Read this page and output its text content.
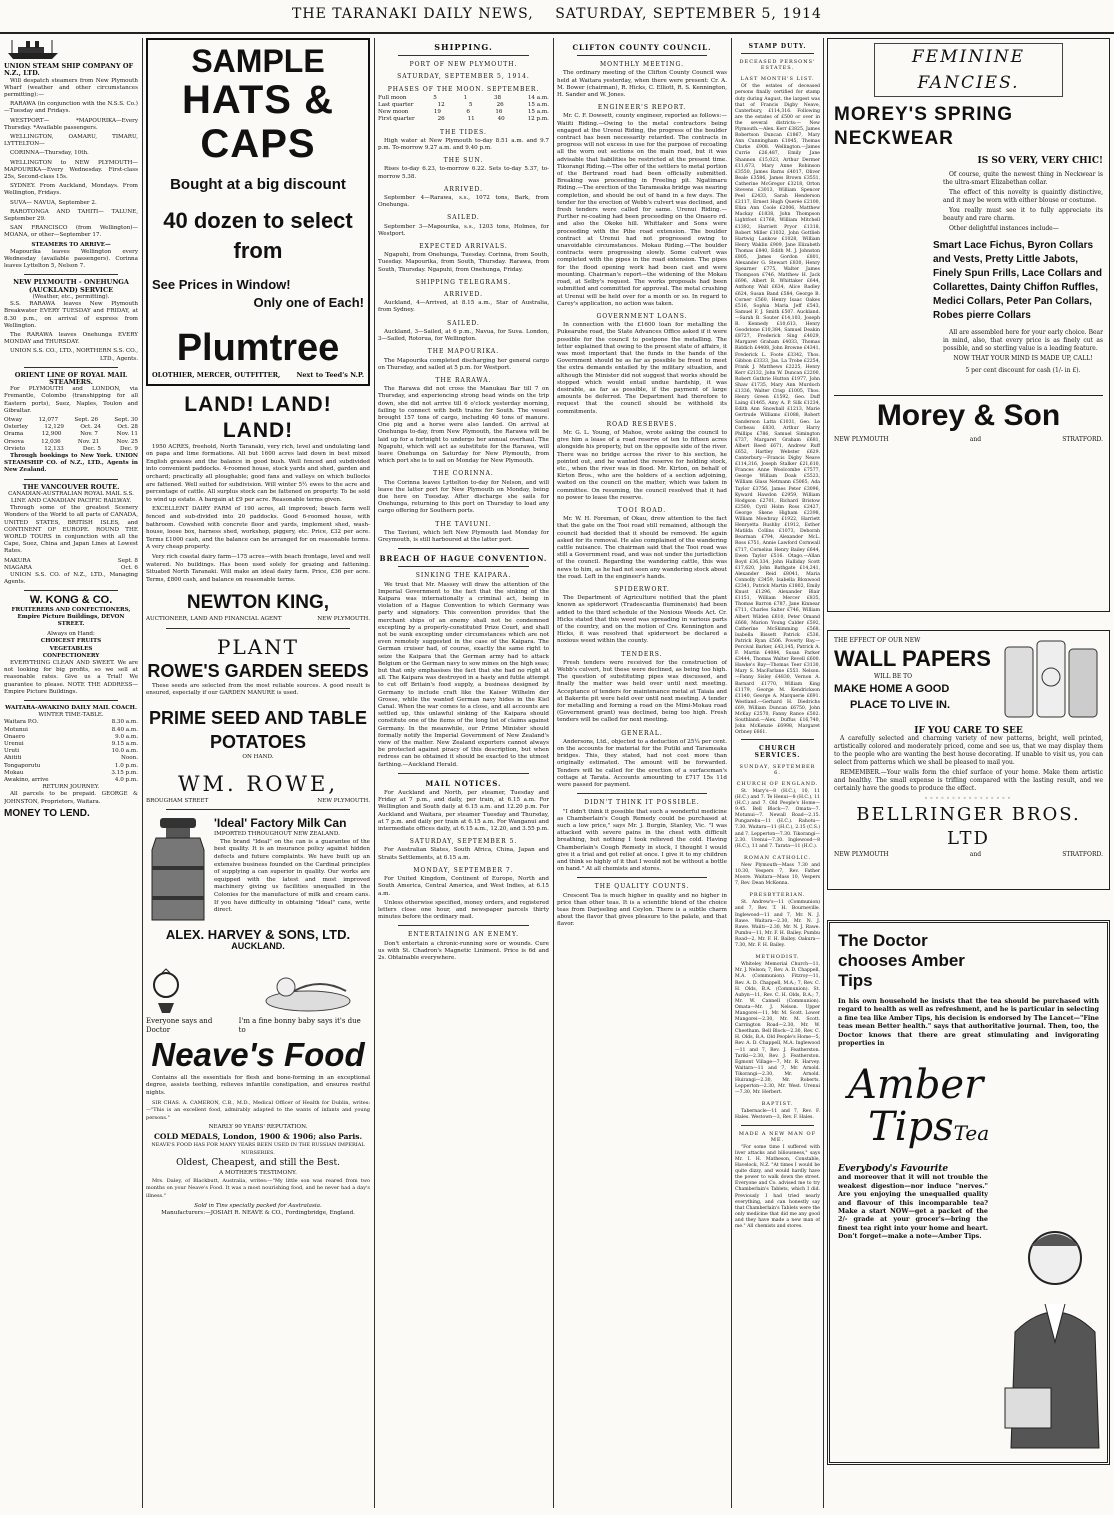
THE TARANAKI DAILY NEWS, SATURDAY, SEPTEMBER 5, 1914
UNION STEAM SHIP COMPANY OF N.Z., LTD.

Will despatch steamers from New Plymouth Wharf (weather and other circumstances permitting):—

RARAWA (in conjunction with the N.S.S. Co.)—Tuesday and Fridays.

WESTPORT— *MAPOURIKA—Every Thursday. *Available passengers.

WELLINGTON, OAMARU, TIMARU, LYTTELTON—

CORINNA—Thursday, 10th.

WELLINGTON to NEW PLYMOUTH— MAPOURIKA—Every Wednesday. First-class 25s, Second-class 15s.

SYDNEY. From Auckland, Mondays. From Wellington, Fridays.

SUVA— NAVUA, September 2.

RAROTONGA AND TAHITI— TALUNE, September 29.

SAN FRANCISCO (from Wellington)— MOANA, or other—September 17.

STEAMERS TO ARRIVE—

Mapourika leaves Wellington every Wednesday (available passengers). Corinna leaves Lyttelton 5, Nelson 7.

NEW PLYMOUTH - ONEHUNGA (AUCKLAND) SERVICE
(Weather, etc., permitting).

S.S. RARAWA leaves New Plymouth Breakwater EVERY TUESDAY and FRIDAY, at 8.30 p.m., on arrival of express from Wellington.

The RARAWA leaves Onehunga EVERY MONDAY and THURSDAY.

UNION S.S. CO., LTD., NORTHERN S.S. CO., LTD., Agents.
ORIENT LINE OF ROYAL MAIL STEAMERS.

For PLYMOUTH and LONDON, via Fremantle, Colombo (transhipping for all Eastern ports), Suez, Naples, Toulon and Gibraltar.

Otway	12,077	Sept. 26	Sept. 30
Osterley	12,129	Oct. 24	Oct. 28
Orama	12,900	Nov. 7	Nov. 11
Orsova	12,036	Nov. 21	Nov. 25
Orvieto	12,133	Dec. 5	Dec. 9

Through bookings to New York. UNION STEAMSHIP CO. of N.Z., LTD., Agents in New Zealand.

THE VANCOUVER ROUTE.
CANADIAN-AUSTRALIAN ROYAL MAIL S.S. LINE AND CANADIAN PACIFIC RAILWAY.

Through some of the greatest Scenery Wonders of the World to all parts of CANADA, UNITED STATES, BRITISH ISLES, and CONTINENT OF EUROPE. ROUND THE WORLD TOURS in conjunction with all the Cape, Suez, China and Japan Lines at Lowest Rates.

MAKURA	Sept. 8
NIAGARA	Oct. 6

UNION S.S. CO. of N.Z., LTD., Managing Agents.

W. KONG & CO.
FRUITERERS AND CONFECTIONERS, Empire Picture Buildings, DEVON STREET.
Always on Hand:
CHOICEST FRUITS
VEGETABLES
CONFECTIONERY

EVERYTHING CLEAN AND SWEET. We are not looking for big profits, so we sell at reasonable rates. Give us a Trial! We guarantee to please. NOTE THE ADDRESS— Empire Picture Buildings.

WAITARA-AWAKINO DAILY MAIL COACH.
WINTER TIME-TABLE.
Waitara P.O.	8.30 a.m.
Motunui	8.40 a.m.
Onaero	9.0 a.m.
Urenui	9.15 a.m.
Uruti	10.0 a.m.
Ahititi	Noon.
Tongaporutu	1.0 p.m.
Mokau	3.15 p.m.
Awakino, arrive	4.0 p.m.
RETURN JOURNEY.

All parcels to be prepaid. GEORGE & JOHNSTON, Proprietors, Waitara.

MONEY TO LEND.
SAMPLE
HATS & CAPS
Bought at a big discount
40 dozen to select from
See Prices in Window!
Only one of Each!
Plumtree
OLOTHIER, MERCER, OUTFITTER, Next to Teed's N.P.
LAND! LAND! LAND!

1950 ACRES, freehold, North Taranaki, very rich, level and undulating land on papa and lime formations. All but 1600 acres laid down in best mixed English grasses and the balance in good bush. Well fenced and subdivided into convenient paddocks. 4-roomed house, stock yards and shed, garden and orchard; practically all ploughable; good fans and valleys on which bullocks are fattened. Well suited for subdivision. Will winter 5½ ewes to the acre and percentage of cattle. All surplus stock can be fattened on property. To be sold to wind up estate. A bargain at £9 per acre. Reasonable terms given.

EXCELLENT DAIRY FARM of 190 acres, all improved; beach farm well fenced and sub-divided into 20 paddocks. Good 6-roomed house, with bathroom. Cowshed with concrete floor and yards, implement shed, wash-house, loose box, harness shed, workshop, piggery, etc. Price, £32 per acre. Terms £1000 cash, and the balance can be arranged for on reasonable terms. A very cheap property.

Very rich coastal dairy farm—175 acres—with beach frontage, level and well watered. No buildings. Has been used solely for grazing and fattening. Situated North Taranaki. Will make an ideal dairy farm. Price, £36 per acre. Terms, £800 cash, and balance on reasonable terms.

NEWTON KING,
AUCTIONEER, LAND AND FINANCIAL AGENT	NEW PLYMOUTH.
PLANT
ROWE'S GARDEN SEEDS

These seeds are selected from the most reliable sources. A good result is ensured, especially if our GARDEN MANURE is used.

PRIME SEED AND TABLE
POTATOES
ON HAND.
WM. ROWE,
BROUGHAM STREET	NEW PLYMOUTH.
'Ideal' Factory Milk Can
IMPORTED THROUGHOUT NEW ZEALAND.

The brand "Ideal" on the can is a guarantee of the best quality. It is an insurance policy against hidden defects and future complaints. We have built up an extensive business founded on the Cardinal principles of supplying a can superior in quality. Our works are equipped with the latest and most improved machinery giving us facilities unequalled in the Colonies for the manufacture of milk and cream cans. If you have difficulty in obtaining "Ideal" cans, write direct.

ALEX. HARVEY & SONS, LTD.
AUCKLAND.
Everyone says and Doctor
I'm a fine bonny baby says it's due to
Neave's Food

Contains all the essentials for flesh and bone-forming in an exceptional degree, assists teething, relieves infantile constipation, and ensures restful nights.

SIR CHAS. A. CAMERON, C.B., M.D., Medical Officer of Health for Dublin, writes:—"This is an excellent food, admirably adapted to the wants of infants and young persons."

NEARLY 90 YEARS' REPUTATION.
COLD MEDALS, London, 1900 & 1906; also Paris.
NEAVE'S FOOD HAS FOR MANY YEARS BEEN USED IN THE RUSSIAN IMPERIAL NURSERIES.
Oldest, Cheapest, and still the Best.
A MOTHER'S TESTIMONY.

Mrs. Daley, of Blackbutt, Australia, writes:—"My little son was reared from two months on your Neave's Food. It was a most nourishing food, and he never had a day's illness."

Sold in Tins specially packed for Australasia.
Manufacturers:—JOSIAH R. NEAVE & CO., Fordingbridge, England.
SHIPPING.
PORT OF NEW PLYMOUTH.
SATURDAY, SEPTEMBER 5, 1914.
PHASES OF THE MOON. SEPTEMBER.
Full moon	5	1	38	14 a.m.
Last quarter	12	5	26	15 a.m.
New moon	19	6	16	15 a.m.
First quarter	26	11	40	12 p.m.
THE TIDES.

High water at New Plymouth to-day 8.51 a.m. and 9.7 p.m. To-morrow 9.27 a.m. and 9.40 p.m.

THE SUN.

Rises to-day 6.23, to-morrow 6.22. Sets to-day 5.37, to-morrow 5.38.

ARRIVED.

September 4—Rarawa, s.s., 1072 tons, Bark, from Onehunga.

SAILED.

September 3—Mapourika, s.s., 1203 tons, Holmes, for Westport.

EXPECTED ARRIVALS.

Ngapuhi, from Onehunga, Tuesday. Corinna, from South, Tuesday. Mapourika, from South, Thursday. Rarawa, from South, Thursday. Ngapuhi, from Onehunga, Friday.

SHIPPING TELEGRAMS.
ARRIVED.

Auckland, 4—Arrived, at 8.15 a.m., Star of Australia, from Sydney.

SAILED.

Auckland, 3—Sailed, at 6 p.m., Navua, for Suva. London, 3—Sailed, Rotorua, for Wellington.

THE MAPOURIKA.

The Mapourika completed discharging her general cargo on Thursday, and sailed at 5 p.m. for Westport.

THE RARAWA.

The Rarawa did not cross the Manukau Bar till 7 on Thursday, and experiencing strong head winds on the trip down, she did not arrive till 6 o'clock yesterday morning, failing to connect with both trains for South. The vessel brought 157 tons of cargo, including 40 tons of manure. One pig and a horse were also landed. On arrival at Onehunga to-day, from New Plymouth, the Rarawa will be laid up for a fortnight to undergo her annual overhaul. The Ngapuhi, which will act as substitute for the Rarawa, will leave Onehunga on Saturday for New Plymouth, from which port she is to sail on Monday for New Plymouth.

THE CORINNA.

The Corinna leaves Lyttelton to-day for Nelson, and will leave the latter port for New Plymouth on Monday, being due here on Tuesday. After discharge she sails for Onehunga, returning to this port on Thursday to load any cargo offering for Southern ports.

THE TAVIUNI.

The Taviuni, which left New Plymouth last Monday for Greymouth, is still harboured at the latter port.

BREACH OF HAGUE CONVENTION.
SINKING THE KAIPARA.

We trust that Mr. Massey will draw the attention of the Imperial Government to the fact that the sinking of the Kaipara was internationally a criminal act, being in violation of a Hague Convention to which Germany was party and signatory. This convention provides that the merchant ships of an enemy shall not be condemned excepting by a properly-constituted Prize Court, and shall not be sunk excepting under circumstances which are not even remotely suggested in the case of the Kaipara. The German cruiser had, of course, exactly the same right to seize the Kaipara that the German army had to attack Belgium or the German navy to sow mines on the high seas; but that only emphasises the fact that she had no right at all. The Kaipara was destroyed in a hasty and futile attempt to cut off Britain's food supply, a business designed by Germany to include craft like the Kaiser Wilhelm der Grosse, while the wanted German navy hides in the Kiel Canal. When the war comes to a close, and all accounts are settled up, this unlawful sinking of the Kaipara should constitute one of the items of the long list of claims against Germany. In the meanwhile, our Prime Minister should formally notify the Imperial Government of New Zealand's view of the matter. New Zealand exporters cannot always be protected against piracy of this description, but when redress can be obtained it should be exacted to the utmost farthing.—Auckland Herald.

MAIL NOTICES.

For Auckland and North, per steamer, Tuesday and Friday at 7 p.m., and daily, per train, at 6.15 a.m. For Wellington and South daily at 6.15 a.m. and 12.20 p.m. For Auckland and Waitara, per steamer Tuesday and Thursday, at 7 p.m. and daily per train at 6.15 a.m. For Wanganui and intermediate offices daily, at 6.15 a.m., 12.20, and 3.55 p.m.

SATURDAY, SEPTEMBER 5.

For Australian States, South Africa, China, Japan and Straits Settlements, at 6.15 a.m.

MONDAY, SEPTEMBER 7.

For United Kingdom, Continent of Europe, North and South America, Central America, and West Indies, at 6.15 a.m.

Unless otherwise specified, money orders, and registered letters close one hour, and newspaper parcels thirty minutes before the ordinary mail.

ENTERTAINING AN ENEMY.

Don't entertain a chronic-running sore or wounds. Cure us with St. Chadron's Magnetic Liniment. Price is 6d and 2s. Obtainable everywhere.

CLIFTON COUNTY COUNCIL.
MONTHLY MEETING.

The ordinary meeting of the Clifton County Council was held at Waitara yesterday, when there were present: Cr. A. M. Bower (chairman), R. Hicks, C. Elliott, R. S. Kennington, H. Sander and W. Jones.

ENGINEER'S REPORT.

Mr. C. F. Dowsett, county engineer, reported as follows:— Waiiti Riding.—Owing to the metal contractors being engaged at the Urenui Riding, the progress of the boulder contract has been necessarily retarded. The contracts in progress will not excess in use for the purpose of recoating all the worn out sections on the main road, but it was advisable that liabilities be restricted at the present time. Tikorangi Riding.—The offer of the settlers to metal portion of the Bertrand road had been officially submitted. Breaking was proceeding in Freeling pit. Ngatimaru Riding.—The erection of the Tarameaka bridge was nearing completion, and should be out of hand in a few days. The tender for the erection of Webb's culvert was declined, and fresh tenders were called for same. Urenui Riding.—Further re-coating had been proceeding on the Onaero rd. and also the Okoke hill. Whittaker and Sons were proceeding with the Pihe road extension. The boulder contract at Urenui had not progressed owing to unavoidable circumstances. Mokau Riding.—The boulder contracts were progressing slowly. Some culvert was completed with the pipes in the road extension. The pipes for the flood opening work had been cast and were mounting. Chairman's report—the widening of the Mokau road, at Selby's request. The works proposals had been submitted and committed for approval. The metal crushing at Urenui will be held over for a month or so. In regard to Carey's application, no action was taken.

GOVERNMENT LOANS.

In connection with the £1600 loan for metalling the Pukearuhe road, the State Advances Office asked if it were possible for the council to postpone the metalling. The letter explained that owing to the present state of affairs, it was most important that the funds in the hands of the Government should be as far as possible be freed to meet the extra demands entailed by the military situation, and although the Minister did not suggest that works should be stopped which would entail undue hardship, it was desirable, as far as possible, if the payment of large amounts be deferred. The Department had therefore to request that the council should be withhold its commitments.

ROAD RESERVES.

Mr. G. L. Young, of Mahoe, wrote asking the council to give him a lease of a road reserve of ten to fifteen acres alongside his property, but on the opposite side of the river. There was no bridge across the river to his section, he pointed out, and he wanted the reserve for holding stock, etc., when the river was in flood. Mr. Kirton, on behalf of Kirton Bros., who are the holders of a section adjoining, waited on the council on the matter, which was taken in committee. On resuming, the council resolved that it had no power to lease the reserve.

TOOI ROAD.

Mr. W. H. Foreman, of Okau, drew attention to the fact that the gate on the Tooi road still remained, although the council had decided that it should be removed. He again asked for its removal. He also complained of the wandering cattle nuisance. The chairman said that the Tooi road was still a Government road, and was not under the jurisdiction of the council. Regarding the wandering cattle, this was news to him, as he had not seen any wandering stock about the road. Left in the engineer's hands.

SPIDERWORT.

The Department of Agriculture notified that the plant known as spiderwort (Tradescantia fluminensis) had been added to the third schedule of the Noxious Weeds Act. Cr. Hicks stated that this weed was spreading in various parts of the country, and on the motion of Crs. Kennington and Hicks, it was resolved that spiderwort be declared a noxious weed within the county.

TENDERS.

Fresh tenders were received for the construction of Webb's culvert, but these were declined, as being too high. The question of substituting pipes was discussed, and finally the matter was held over until next meeting. Acceptance of tenders for maintenance metal at Taiaia and at Bakerite pit were held over until next meeting. A tender for metalling and forming a road on the Mimi-Mokau road (Government grant) was declined, being too high. Fresh tenders will be called for next meeting.

GENERAL.

Andersons, Ltd., objected to a deduction of 25¼ per cent. on the accounts for material for the Putiki and Tarameaka bridges. This, they stated, had not cost more than originally estimated. The amount will be forwarded. Tenders will be called for the erection of a surfaceman's cottage at Tarata. Accounts amounting to £717 15s 11d were passed for payment.

DIDN'T THINK IT POSSIBLE.

"I didn't think it possible that such a wonderful medicine as Chamberlain's Cough Remedy could be purchased at such a low price," says Mr. J. Burgin, Stanley, Vic. "I was attacked with severe pains in the chest with difficult breathing, but nothing I took relieved the cold. Having Chamberlain's Cough Remedy in stock, I thought I would give it a trial and got relief at once. I give it to my children and think so highly of it that I would not be without a bottle on hand." At all chemists and stores.

THE QUALITY COUNTS.

Crescent Tea is much higher in quality and no higher in price than other teas. It is a scientific blend of the choice teas from Darjeeling and Ceylon. There is a subtle charm about the flavor that gives pleasure to the palate, and that flavor.

STAMP DUTY.
DECEASED PERSONS' ESTATES.
LAST MONTH'S LIST.

Of the estates of deceased persons finally certified for stamp duty during August, the largest was that of Francis Digby Neave, Canterbury, £114,316. Following are the estates of £500 or over in the several districts:— New Plymouth.—Alex. Kerr £3825, James Robertson Duncan £1867, Mary Ann Cunningham £1045, Thomas Clarke £908. Wellington.—James Currie £26,487, Emily Jane Shannon £15,023, Arthur Dermer £11,673, Mary Anne Robinson £3550, James Barns £4017, Oliver Beale £3586, James Brown £3551, Catherine McGregor £3218, Orton Stevens £3013, William Spencer Peel £2433, Sarah Henderson £2117, Ernest Hugh Querée £2100, Eliza Ann Coole £2006, Matthew Mackay £1838, John Thompson Lightfoot £1768, William Mitchell £1392, Harriett Pryor £1318, Robert Miller £1032, John Gottlieb Hartwig Lankow £1028, William Henry Waklin £909, Jane Elizabeth Thomas £840, Edith M. J. Johnston £805, James Gordon £801, Alexander G. Stewart £830, Henry Spearner £775, Walter James Thompson £746, Matthew H. Jack £696, Albert B. Whittaker £644, Anthony Wall £634, Alice Radley £624, Susan Band £584, George B. Corner £560, Henry Isaac Oakes £516, Sophia Maria Jeff £543, Samuel F. J. Smith £507. Auckland.—Sarah B. Souter £14,103, Joseph B. Kennedy £10,613, Henry Goodstone £10,384, Samuel Deakin £8727, Frederick Sing £4029, Margaret Graham £4033, Thomas Riddich £4408, John Browne £4341, Frederick L. Foote £3342, Thos. Gibbon £3333, Jas. La Trobe £2254, Frank J. Matthews £2225, Henry Kerr £2132, John W. Duncan £2200, Robert Guthrie Hutton £1977, John Shaw £1735, Mary Ann Murdoch £1336, Walter Crisp £1005, Thos. Henry Green £1592, Geo. Duff Laing £1465, Amy A. P. Silk £1234, Edith Ann Snowball £1213, Marie Gertrude Williams £1088, Robert Sanderson Latta £1031, Geo. Le Corbeau £830, Arthur Harry Phillips £786, Samuel Simington £737, Margaret Graham £681, Albert Reed £671, Andrew Ruff £652, Hartley Webster £629. Canterbury.—Francis Digby Neave £114,316, Joseph Stalker £21,610, Frances Anne Woolcombe £7577, George William Doak £5523, William Glass Netmann £5065, Ada Taylor £3756, James Peter £3096, Kyward Hawdon £2959, William Hodgson £2701, Richard Bristow £2500, Cyril Holm Ross £2427, George Skene Higham £2398, William Mowbray £1922, Harriett Henryetta Rushby £1912, Esther Matilda Collins £1073, Deborah Bearman £794, Alexander McL. Ross £751, Annie Lawford Cornwall £717, Cornelius Henry Bailey £644, Ewen Taylor £516. Otago.—Allan Boyd £36,334, John Halliday Scott £17,620, John Bathgate £14,241, Alexander Reid £8041, Maria Connolly £3459, Isabella Bloxwood £2341, Patrick Martin £1802, Emily Knust £1296, Alexander Blair £1151, William Mercer £835, Thomas Barron £787, Jane Kinnear £711, Charles Salter £746, William Albert Wilden £610, Peter Omand £668, Marion Young Calder £592, Catherine McSkimming £568, Isabella Bissett Patrick £536, Patrick Ryan £506. Poverty Bay.—Percival Barker, £43,145, Patrick A. F. Martin £4084, Susan Parker £3444, Thomas Walter Revell £600. Hawke's Bay—Thomas Teer £3130, Mary S. MacFarlane £553. Nelson.—Fanny Sisley £4830, Vernon A. Barnard £1770, William King £1179, George M. Kendrickson £1140, George A. Marquerie £691. Westland.—Gerhard H. Diedrichs £69, William Duncan £6750, John McKay £2570, Fanny Rance £502. Southland.—Alex. Duffus £16,740, John McKenzie £6998, Margaret Orbney £661.

CHURCH SERVICES.
SUNDAY, SEPTEMBER 6.
CHURCH OF ENGLAND.

St. Mary's—8 (H.C.), 10, 11 (H.C.) and 7. Te Henui—8 (H.C.), 11 (H.C.) and 7. Old People's Home—9.45. Bell Block—7. Omata—7. Motunui—7. Newall Road—2.15. Pungarehu—11 (H.C.). Rahotu—7.30. Waitara—11 (H.C.), 2.15 (C.S.) and 7. Lepperton—7.30. Tikorangi—2.30. Urenui—7.30. Inglewood—8 (H.C.), 11 and 7. Tarata—11 (H.C.).

ROMAN CATHOLIC.

New Plymouth—Mass 7.30 and 10.30, Vespers 7, Rev. Father Moore. Waitara—Mass 10, Vespers 7, Rev. Dean McKenna.

PRESBYTERIAN.

St. Andrew's—11 (Communion) and 7, Rev. T. H. Bourneville. Inglewood—11 and 7, Mr. N. J. Rawe. Waitara—2.30, Mr. N. J. Rawe. Waiiti—2.30, Mr. N. J. Rawe. Pumbu—11, Mr. F. H. Bailey. Pumbu Road—2, Mr. F. H. Bailey. Oakura—7.30, Mr. F. H. Bailey.

METHODIST.

Whiteley Memorial Church—11, Mr. J. Nelson; 7, Rev. A. D. Chappell, M.A. (Communion). Fitzroy—11, Rev. A. D. Chappell, M.A.; 7, Rev. C. H. Olds, B.A. (Communion). St. Aubyn—11, Rev. C. H. Olds, B.A.; 7, Mr. W. Cannell (Communion). Omata—Mr. J. Nelson. Upper Mangorei—11, Mr. M. Scott. Lower Mangorei—2.30, Mr. M. Scott. Carrington Road—2.30, Mr. W. Cheetham. Bell Block—2.30, Rev. C. H. Olds, B.A. Old People's Home—5, Rev. A. D. Chappell, M.A. Inglewood—11 and 7, Rev. J. Featherston. Tariki—2.30, Rev. J. Featherston. Egmont Village—7, Mr. R. Harvey. Waitara—11 and 7, Mr. Arnold. Tikorangi—2.30, Mr. Arnold. Huirangi—2.30, Mr. Roberts. Lepperton—2.30, Mr. West. Urenui—7.30, Mr. Herbert.

BAPTIST.

Tabernacle—11 and 7, Rev. F. Hales. Westown—3, Rev. F. Hales.

MADE A NEW MAN OF ME.

"For some time I suffered with liver attacks and biliousness," says Mr. I. H. Matheson, Constable, Havelock, N.Z. "At times I would be quite dizzy, and would hardly have the power to walk down the street. Everyone and Co. advised me to try Chamberlain's Tablets, which I did. Previously I had tried nearly everything, and can honestly say that Chamberlain's Tablets were the only medicine that did me any good and they have made a new man of me." All chemists and stores.

FEMININE FANCIES.
MOREY'S SPRING
NECKWEAR
IS SO VERY, VERY CHIC!

Of course, quite the newest thing in Neckwear is the ultra-smart Elizabethan collar.

The effect of this novelty is quaintly distinctive, and it may be worn with either blouse or costume.

You really must see it to fully appreciate its beauty and rare charm.

Other delightful instances include—

Smart Lace Fichus, Byron Collars and Vests, Pretty Little Jabots, Finely Spun Frills, Lace Collars and Collarettes, Dainty Chiffon Ruffles, Medici Collars, Peter Pan Collars, Robes pierre Collars

All are assembled here for your early choice. Bear in mind, also, that every price is as finely cut as possible, and so sterling value is a leading feature.

NOW THAT YOUR MIND IS MADE UP, CALL!
5 per cent discount for cash (1/- in £).
Morey & Son
NEW PLYMOUTH	and	STRATFORD.
THE EFFECT OF OUR NEW
WALL PAPERS
WILL BE TO
MAKE HOME A GOOD
PLACE TO LIVE IN.
IF YOU CARE TO SEE

A carefully selected and charming variety of new patterns, bright, well printed, artistically colored and moderately priced, come and see us, that we may display them to the people who are wanting the best house decorating. If unable to visit us, you can select from patterns which we shall be pleased to mail you.

REMEMBER.—Your walls form the chief surface of your home. Make them artistic and healthy. The small expense is trifling compared with the lasting result, and we certainly have the goods to produce the effect.

◦◦◦◦◦◦◦◦◦◦◦◦◦◦◦◦
BELLRINGER BROS. LTD
NEW PLYMOUTH	and	STRATFORD.
The Doctor chooses Amber Tips

In his own household he insists that the tea should be purchased with regard to health as well as refreshment, and he is particular in selecting a fine tea like Amber Tips, his decision is endorsed by The Lancet—"Fine teas mean Better health." says that authoritative journal. Then, too, the Doctor knows that there are great stimulating and invigorating properties in

Amber
TipsTea
Everybody's Favourite

and moreover that it will not trouble the weakest digestion—nor induce "nerves." Are you enjoying the unequalled quality and flavour of this incomparable tea? Make a start NOW—get a packet of the 2/- grade at your grocer's—bring the finest tea right into your home and heart. Don't forget—make a note—Amber Tips.
